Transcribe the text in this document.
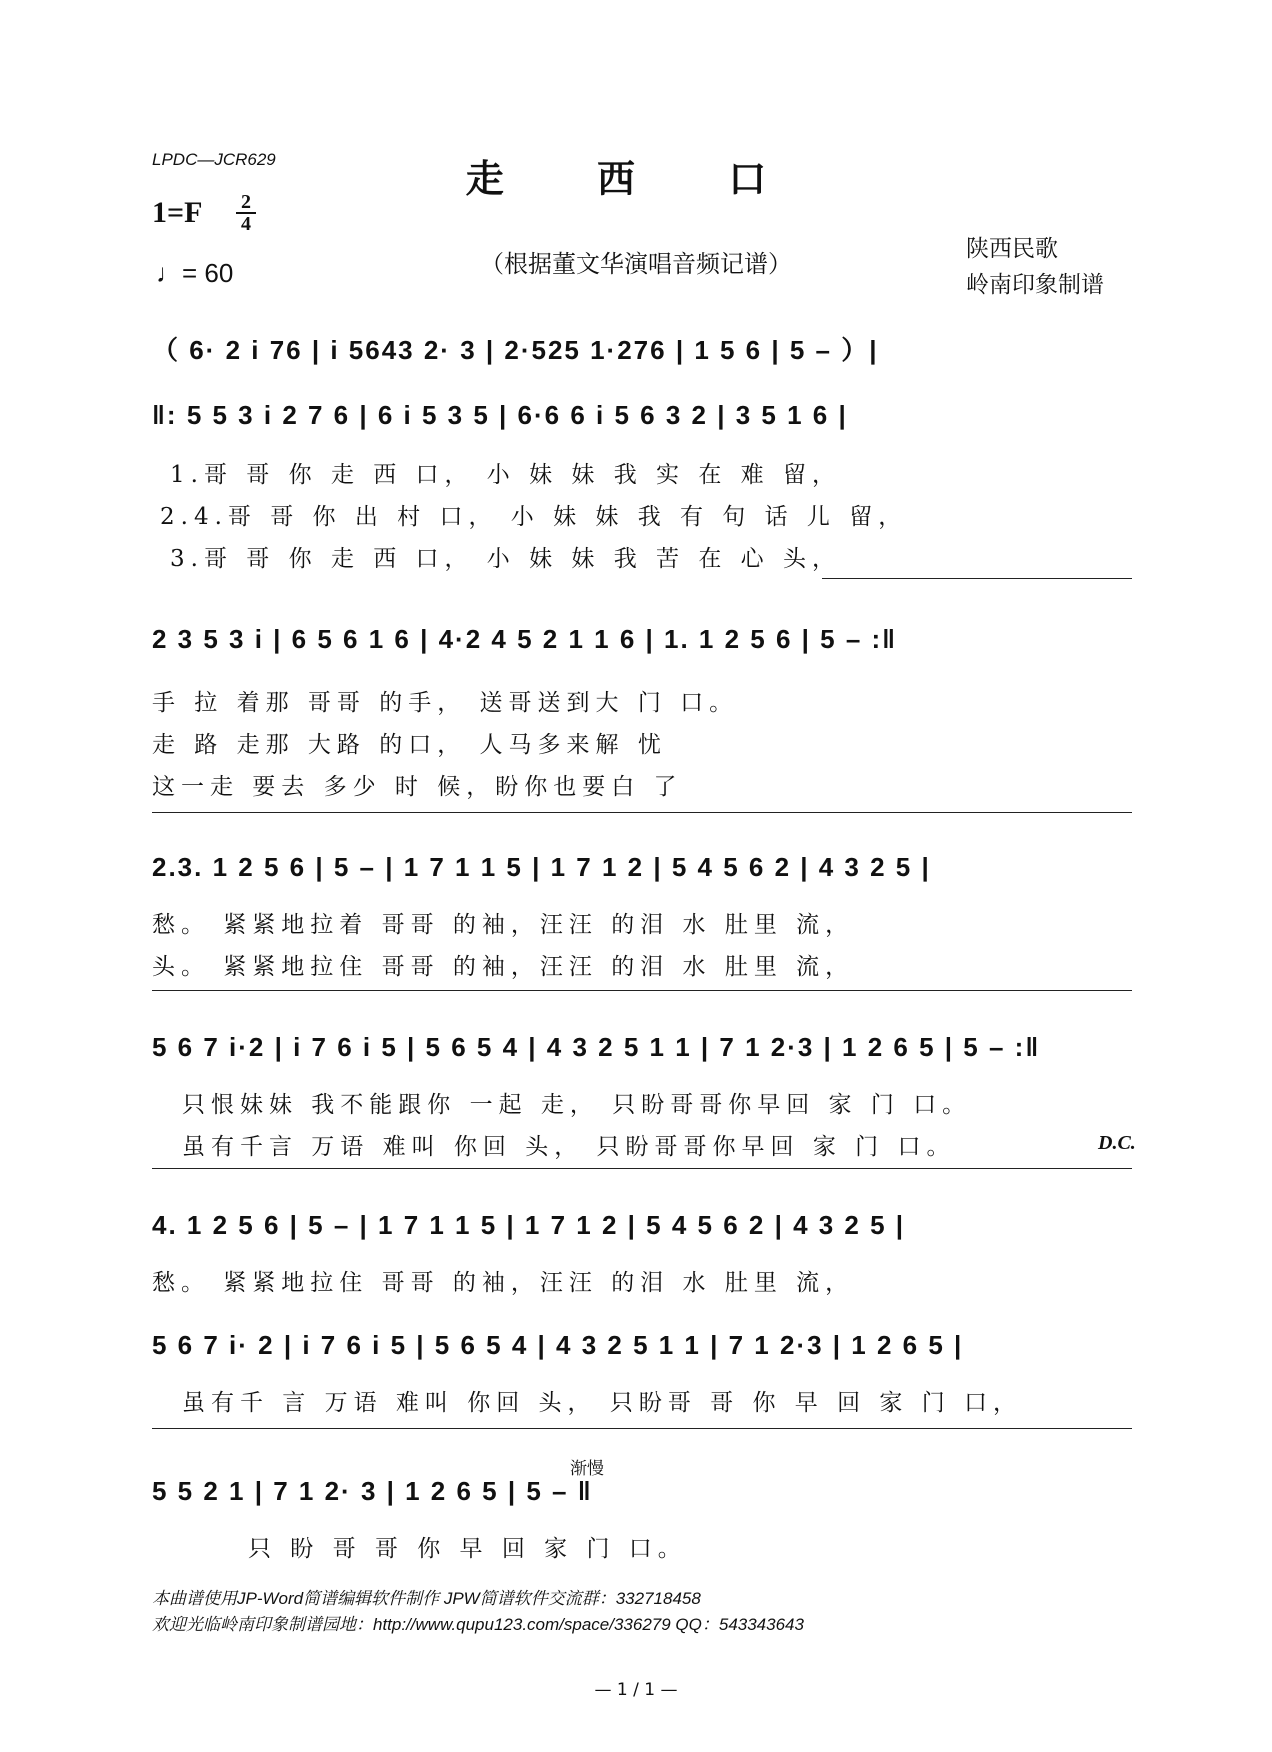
LPDC—JCR629	走 西 口
1=F 2
4
♩= 60	（根据董文华演唱音频记谱）
陕西民歌
岭南印象制谱
（ 6· 2 i 76 | i 5643 2· 3 | 2·525 1·276 | 1 5 6 | 5 – ）|
‖: 5 5 3 i 2 7 6 | 6 i 5 3 5 | 6·6 6 i 5 6 3 2 | 3 5 1 6 |
1.哥 哥 你 走 西 口， 小 妹 妹 我 实 在 难 留，
2.4.哥 哥 你 出 村 口， 小 妹 妹 我 有 句 话 儿 留，
3.哥 哥 你 走 西 口， 小 妹 妹 我 苦 在 心 头，
2 3 5 3 i | 6 5 6 1 6 | 4·2 4 5 2 1 1 6 | 1. 1 2 5 6 | 5 – :‖
手 拉 着那 哥哥 的手， 送哥送到大 门 口。
走 路 走那 大路 的口， 人马多来解 忧
这一走 要去 多少 时 候，盼你也要白 了
2.3. 1 2 5 6 | 5 – | 1 7 1 1 5 | 1 7 1 2 | 5 4 5 6 2 | 4 3 2 5 |
愁。 紧紧地拉着 哥哥 的袖，汪汪 的泪 水 肚里 流，
头。 紧紧地拉住 哥哥 的袖，汪汪 的泪 水 肚里 流，
5 6 7 i·2 | i 7 6 i 5 | 5 6 5 4 | 4 3 2 5 1 1 | 7 1 2·3 | 1 2 6 5 | 5 – :‖
只恨妹妹 我不能跟你 一起 走， 只盼哥哥你早回 家 门 口。
虽有千言 万语 难叫 你回 头， 只盼哥哥你早回 家 门 口。	D.C.
4. 1 2 5 6 | 5 – | 1 7 1 1 5 | 1 7 1 2 | 5 4 5 6 2 | 4 3 2 5 |
愁。 紧紧地拉住 哥哥 的袖，汪汪 的泪 水 肚里 流，
5 6 7 i· 2 | i 7 6 i 5 | 5 6 5 4 | 4 3 2 5 1 1 | 7 1 2·3 | 1 2 6 5 |
虽有千 言 万语 难叫 你回 头， 只盼哥 哥 你 早 回 家 门 口，
渐慢
5 5 2 1 | 7 1 2· 3 | 1 2 6 5 | 5 – ‖
只 盼 哥 哥 你 早 回 家 门 口。
本曲谱使用JP-Word简谱编辑软件制作 JPW简谱软件交流群：332718458
欢迎光临岭南印象制谱园地：http://www.qupu123.com/space/336279 QQ：543343643
— 1 / 1 —
